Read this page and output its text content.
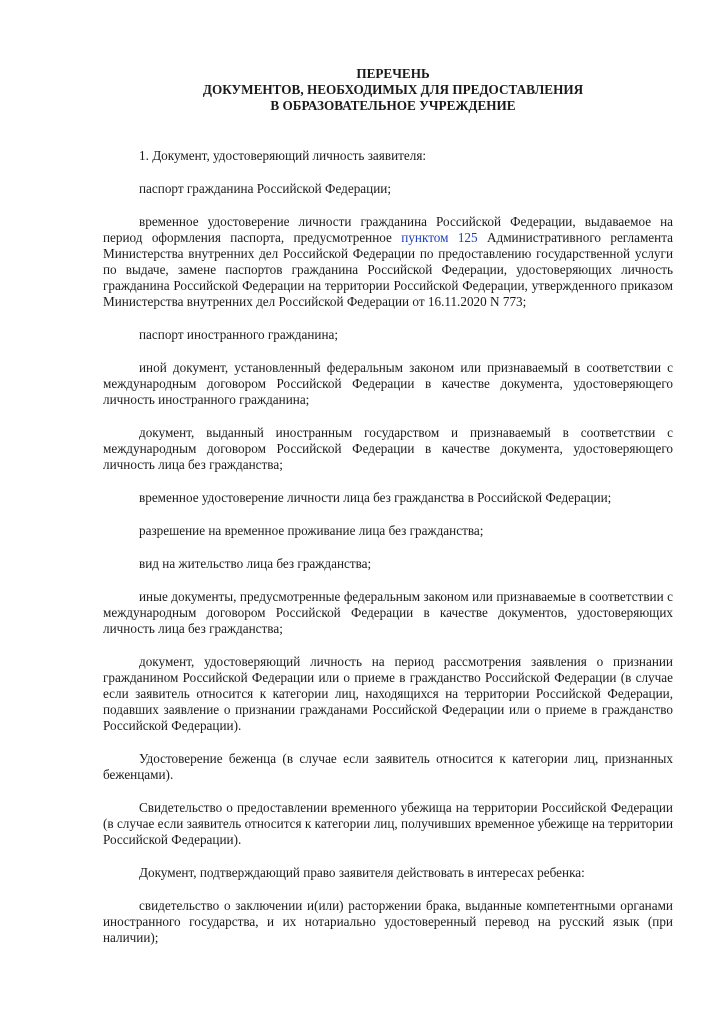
ПЕРЕЧЕНЬ
ДОКУМЕНТОВ, НЕОБХОДИМЫХ ДЛЯ ПРЕДОСТАВЛЕНИЯ
В ОБРАЗОВАТЕЛЬНОЕ УЧРЕЖДЕНИЕ

1. Документ, удостоверяющий личность заявителя:

паспорт гражданина Российской Федерации;

временное удостоверение личности гражданина Российской Федерации, выдаваемое на период оформления паспорта, предусмотренное пунктом 125 Административного регламента Министерства внутренних дел Российской Федерации по предоставлению государственной услуги по выдаче, замене паспортов гражданина Российской Федерации, удостоверяющих личность гражданина Российской Федерации на территории Российской Федерации, утвержденного приказом Министерства внутренних дел Российской Федерации от 16.11.2020 N 773;

паспорт иностранного гражданина;

иной документ, установленный федеральным законом или признаваемый в соответствии с международным договором Российской Федерации в качестве документа, удостоверяющего личность иностранного гражданина;

документ, выданный иностранным государством и признаваемый в соответствии с международным договором Российской Федерации в качестве документа, удостоверяющего личность лица без гражданства;

временное удостоверение личности лица без гражданства в Российской Федерации;

разрешение на временное проживание лица без гражданства;

вид на жительство лица без гражданства;

иные документы, предусмотренные федеральным законом или признаваемые в соответствии с международным договором Российской Федерации в качестве документов, удостоверяющих личность лица без гражданства;

документ, удостоверяющий личность на период рассмотрения заявления о признании гражданином Российской Федерации или о приеме в гражданство Российской Федерации (в случае если заявитель относится к категории лиц, находящихся на территории Российской Федерации, подавших заявление о признании гражданами Российской Федерации или о приеме в гражданство Российской Федерации).

Удостоверение беженца (в случае если заявитель относится к категории лиц, признанных беженцами).

Свидетельство о предоставлении временного убежища на территории Российской Федерации (в случае если заявитель относится к категории лиц, получивших временное убежище на территории Российской Федерации).

Документ, подтверждающий право заявителя действовать в интересах ребенка:

свидетельство о заключении и(или) расторжении брака, выданные компетентными органами иностранного государства, и их нотариально удостоверенный перевод на русский язык (при наличии);
